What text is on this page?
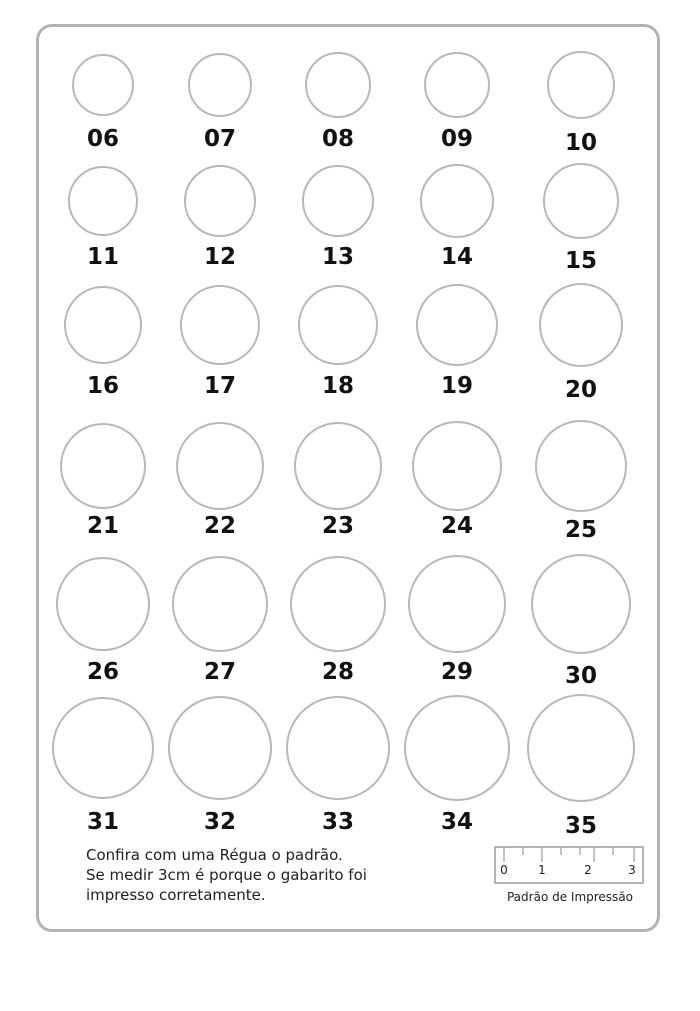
06	07	08	09	10
11	12	13	14	15
16	17	18	19	20
21	22	23	24	25
26	27	28	29	30
31	32	33	34	35
Confira com uma Régua o padrão.
Se medir 3cm é porque o gabarito foi
impresso corretamente.
0	1	2	3
Padrão de Impressão
